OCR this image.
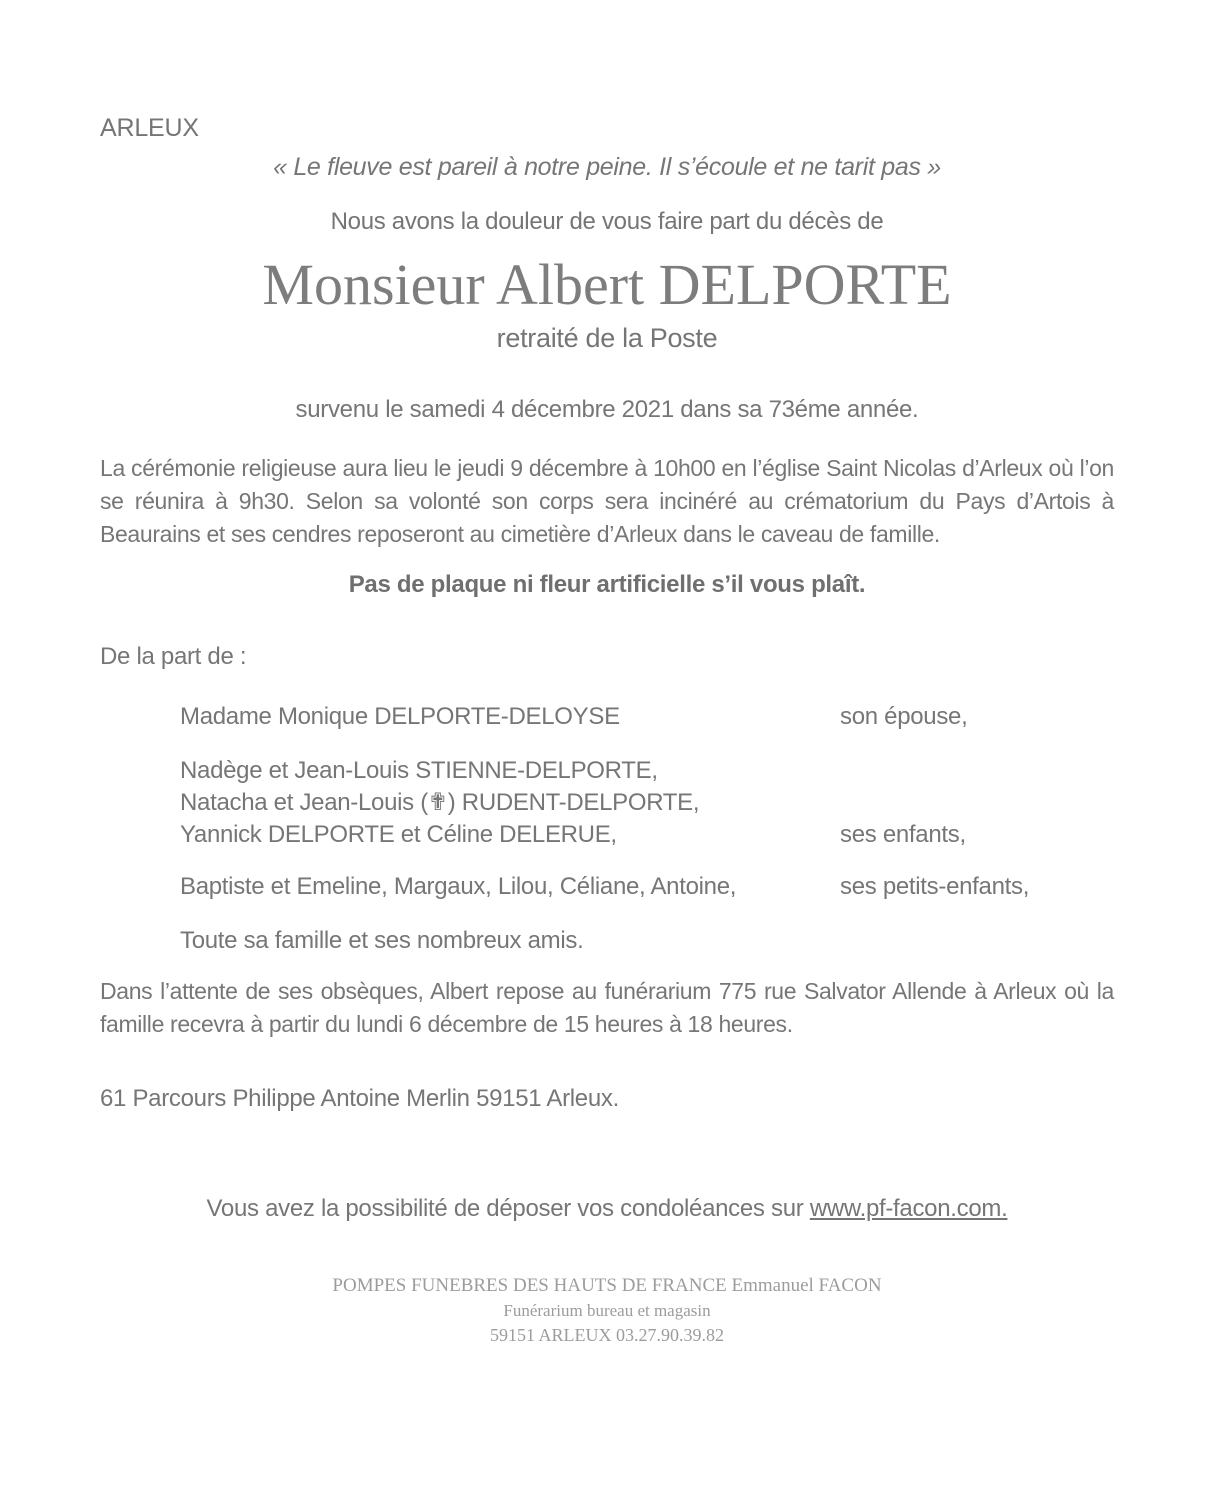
ARLEUX
« Le fleuve est pareil à notre peine. Il s’écoule et ne tarit pas »
Nous avons la douleur de vous faire part du décès de
Monsieur Albert DELPORTE
retraité de la Poste
survenu le samedi 4 décembre 2021 dans sa 73éme année.

La cérémonie religieuse aura lieu le jeudi 9 décembre à 10h00 en l’église Saint Nicolas d’Arleux où l’on se réunira à 9h30. Selon sa volonté son corps sera incinéré au crématorium du Pays d’Artois à Beaurains et ses cendres reposeront au cimetière d’Arleux dans le caveau de famille.

Pas de plaque ni fleur artificielle s’il vous plaît.
De la part de :
Madame Monique DELPORTE-DELOYSE	son épouse,
Nadège et Jean-Louis STIENNE-DELPORTE,
Natacha et Jean-Louis (✟) RUDENT-DELPORTE,
Yannick DELPORTE et Céline DELERUE,	ses enfants,
Baptiste et Emeline, Margaux, Lilou, Céliane, Antoine,	ses petits-enfants,
Toute sa famille et ses nombreux amis.

Dans l’attente de ses obsèques, Albert repose au funérarium 775 rue Salvator Allende à Arleux où la famille recevra à partir du lundi 6 décembre de 15 heures à 18 heures.

61 Parcours Philippe Antoine Merlin 59151 Arleux.
Vous avez la possibilité de déposer vos condoléances sur www.pf-facon.com.
POMPES FUNEBRES DES HAUTS DE FRANCE Emmanuel FACON
Funérarium bureau et magasin
59151 ARLEUX 03.27.90.39.82
